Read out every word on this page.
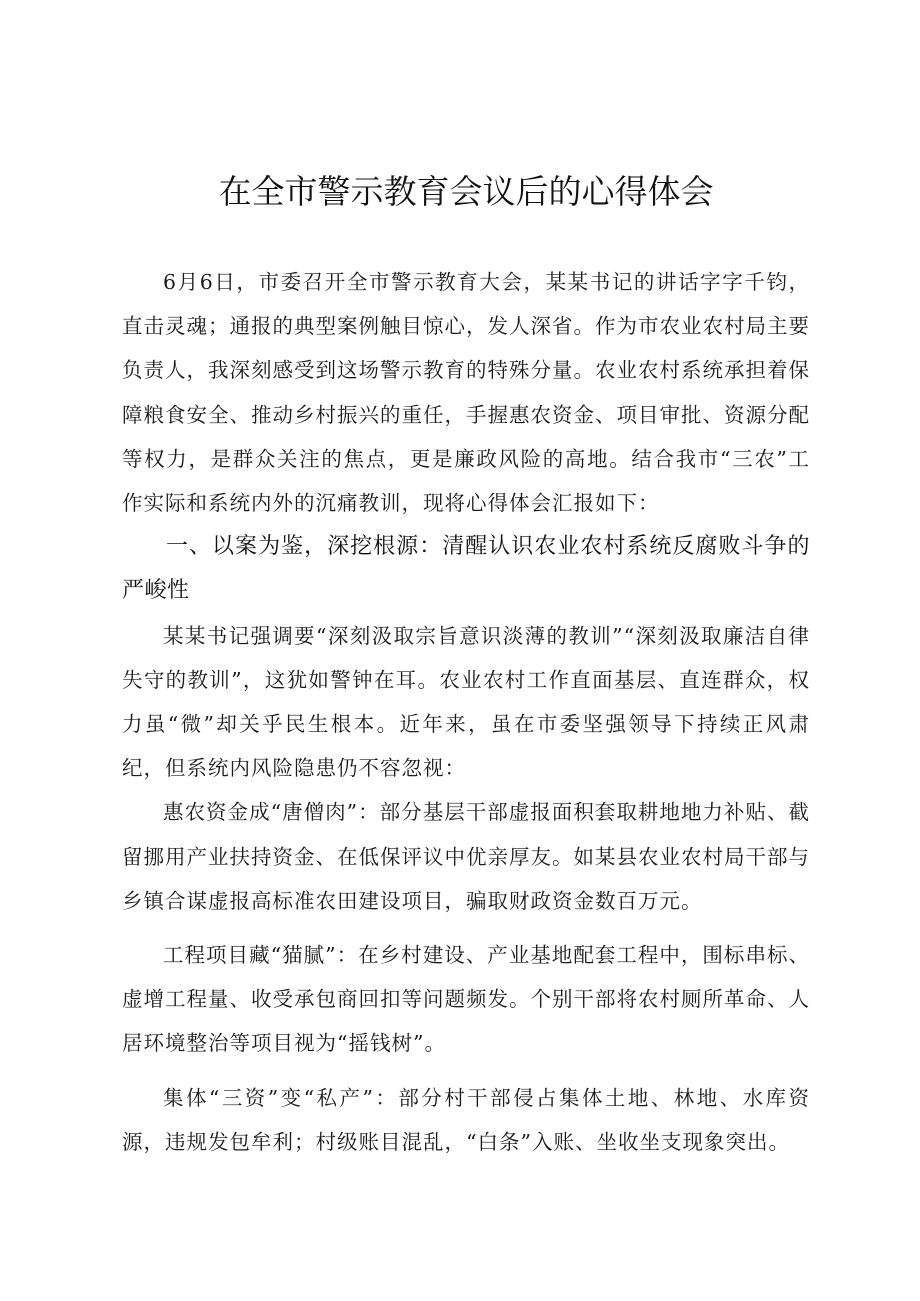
在全市警示教育会议后的心得体会

6月6日，市委召开全市警示教育大会，某某书记的讲话字字千钧，直击灵魂；通报的典型案例触目惊心，发人深省。作为市农业农村局主要负责人，我深刻感受到这场警示教育的特殊分量。农业农村系统承担着保障粮食安全、推动乡村振兴的重任，手握惠农资金、项目审批、资源分配等权力，是群众关注的焦点，更是廉政风险的高地。结合我市“三农”工作实际和系统内外的沉痛教训，现将心得体会汇报如下：

一、以案为鉴，深挖根源：清醒认识农业农村系统反腐败斗争的严峻性

某某书记强调要“深刻汲取宗旨意识淡薄的教训”“深刻汲取廉洁自律失守的教训”，这犹如警钟在耳。农业农村工作直面基层、直连群众，权力虽“微”却关乎民生根本。近年来，虽在市委坚强领导下持续正风肃纪，但系统内风险隐患仍不容忽视：

惠农资金成“唐僧肉”：部分基层干部虚报面积套取耕地地力补贴、截留挪用产业扶持资金、在低保评议中优亲厚友。如某县农业农村局干部与乡镇合谋虚报高标准农田建设项目，骗取财政资金数百万元。

工程项目藏“猫腻”：在乡村建设、产业基地配套工程中，围标串标、虚增工程量、收受承包商回扣等问题频发。个别干部将农村厕所革命、人居环境整治等项目视为“摇钱树”。

集体“三资”变“私产”：部分村干部侵占集体土地、林地、水库资源，违规发包牟利；村级账目混乱，“白条”入账、坐收坐支现象突出。
